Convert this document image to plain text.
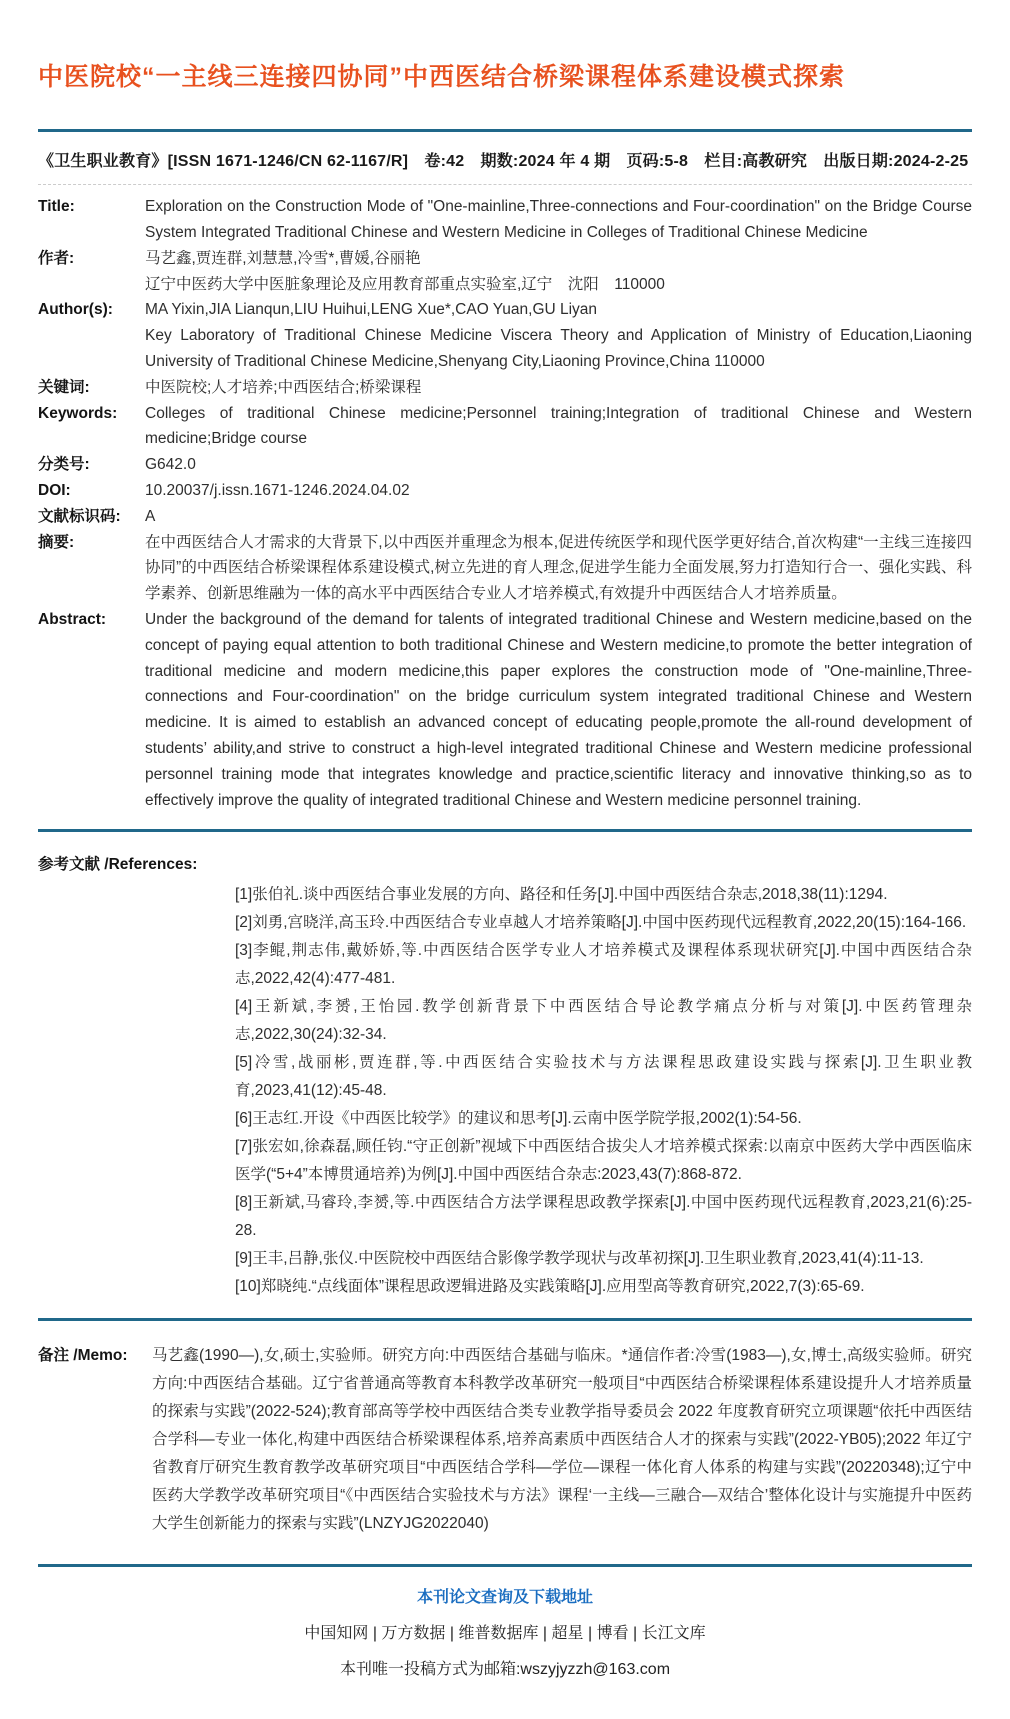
中医院校“一主线三连接四协同”中西医结合桥梁课程体系建设模式探索
《卫生职业教育》[ISSN 1671-1246/CN 62-1167/R]　卷:42　期数:2024 年 4 期　页码:5-8　栏目:高教研究　出版日期:2024-2-25
Title:	Exploration on the Construction Mode of "One-mainline,Three-connections and Four-coordination" on the Bridge Course System Integrated Traditional Chinese and Western Medicine in Colleges of Traditional Chinese Medicine
作者:	马艺鑫,贾连群,刘慧慧,冷雪*,曹媛,谷丽艳
辽宁中医药大学中医脏象理论及应用教育部重点实验室,辽宁　沈阳　110000
Author(s):	MA Yixin,JIA Lianqun,LIU Huihui,LENG Xue*,CAO Yuan,GU Liyan
Key Laboratory of Traditional Chinese Medicine Viscera Theory and Application of Ministry of Education,Liaoning University of Traditional Chinese Medicine,Shenyang City,Liaoning Province,China 110000
关键词:	中医院校;人才培养;中西医结合;桥梁课程
Keywords:	Colleges of traditional Chinese medicine;Personnel training;Integration of traditional Chinese and Western medicine;Bridge course
分类号:	G642.0
DOI:	10.20037/j.issn.1671-1246.2024.04.02
文献标识码:	A
摘要:	在中西医结合人才需求的大背景下,以中西医并重理念为根本,促进传统医学和现代医学更好结合,首次构建“一主线三连接四协同”的中西医结合桥梁课程体系建设模式,树立先进的育人理念,促进学生能力全面发展,努力打造知行合一、强化实践、科学素养、创新思维融为一体的高水平中西医结合专业人才培养模式,有效提升中西医结合人才培养质量。
Abstract:	Under the background of the demand for talents of integrated traditional Chinese and Western medicine,based on the concept of paying equal attention to both traditional Chinese and Western medicine,to promote the better integration of traditional medicine and modern medicine,this paper explores the construction mode of "One-mainline,Three-connections and Four-coordination" on the bridge curriculum system integrated traditional Chinese and Western medicine. It is aimed to establish an advanced concept of educating people,promote the all-round development of students’ ability,and strive to construct a high-level integrated traditional Chinese and Western medicine professional personnel training mode that integrates knowledge and practice,scientific literacy and innovative thinking,so as to effectively improve the quality of integrated traditional Chinese and Western medicine personnel training.
参考文献 /References:
[1]张伯礼.谈中西医结合事业发展的方向、路径和任务[J].中国中西医结合杂志,2018,38(11):1294.
[2]刘勇,宫晓洋,高玉玲.中西医结合专业卓越人才培养策略[J].中国中医药现代远程教育,2022,20(15):164-166.
[3]李鲲,荆志伟,戴娇娇,等.中西医结合医学专业人才培养模式及课程体系现状研究[J].中国中西医结合杂志,2022,42(4):477-481.
[4]王新斌,李赟,王怡园.教学创新背景下中西医结合导论教学痛点分析与对策[J].中医药管理杂志,2022,30(24):32-34.
[5]冷雪,战丽彬,贾连群,等.中西医结合实验技术与方法课程思政建设实践与探索[J].卫生职业教育,2023,41(12):45-48.
[6]王志红.开设《中西医比较学》的建议和思考[J].云南中医学院学报,2002(1):54-56.
[7]张宏如,徐森磊,顾任钧.“守正创新”视域下中西医结合拔尖人才培养模式探索:以南京中医药大学中西医临床医学(“5+4”本博贯通培养)为例[J].中国中西医结合杂志:2023,43(7):868-872.
[8]王新斌,马睿玲,李赟,等.中西医结合方法学课程思政教学探索[J].中国中医药现代远程教育,2023,21(6):25-28.
[9]王丰,吕静,张仪.中医院校中西医结合影像学教学现状与改革初探[J].卫生职业教育,2023,41(4):11-13.
[10]郑晓纯.“点线面体”课程思政逻辑进路及实践策略[J].应用型高等教育研究,2022,7(3):65-69.
备注 /Memo:	马艺鑫(1990—),女,硕士,实验师。研究方向:中西医结合基础与临床。*通信作者:冷雪(1983—),女,博士,高级实验师。研究方向:中西医结合基础。辽宁省普通高等教育本科教学改革研究一般项目“中西医结合桥梁课程体系建设提升人才培养质量的探索与实践”(2022-524);教育部高等学校中西医结合类专业教学指导委员会 2022 年度教育研究立项课题“依托中西医结合学科—专业一体化,构建中西医结合桥梁课程体系,培养高素质中西医结合人才的探索与实践”(2022-YB05);2022 年辽宁省教育厅研究生教育教学改革研究项目“中西医结合学科—学位—课程一体化育人体系的构建与实践”(20220348);辽宁中医药大学教学改革研究项目“《中西医结合实验技术与方法》课程‘一主线—三融合—双结合’整体化设计与实施提升中医药大学生创新能力的探索与实践”(LNZYJG2022040)
本刊论文查询及下载地址
中国知网 | 万方数据 | 维普数据库 | 超星 | 博看 | 长江文库
本刊唯一投稿方式为邮箱:wszyjyzzh@163.com
